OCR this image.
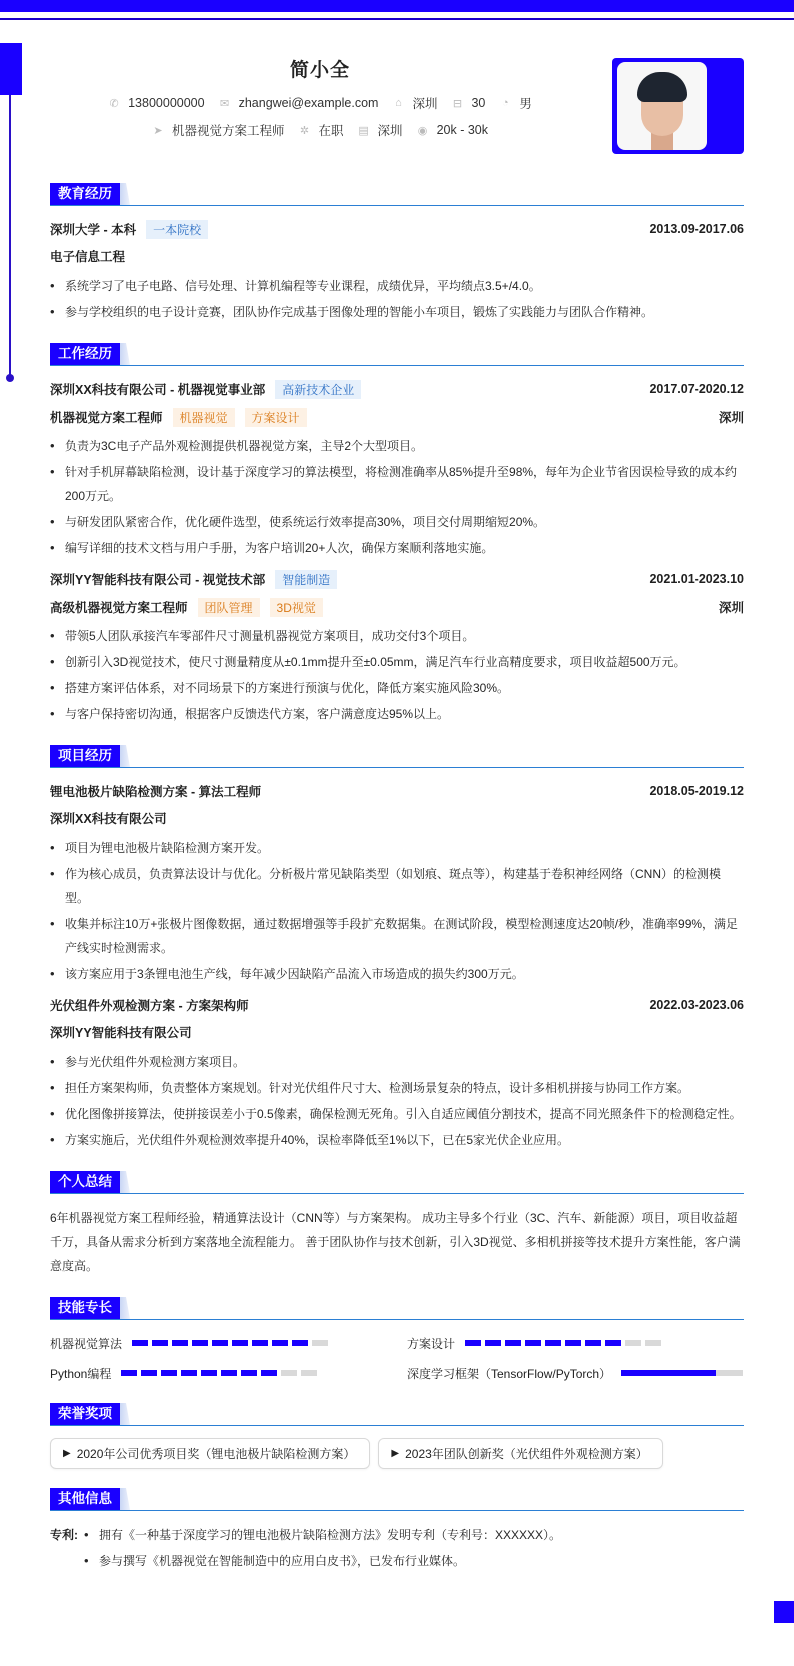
简小全
✆ 13800000000 ✉ zhangwei@example.com ⌂ 深圳 ⊟ 30 ◔ 男
➤ 机器视觉方案工程师 ✲ 在职 ▤ 深圳 ◉ 20k - 30k
教育经历
深圳大学 - 本科	一本院校	2013.09-2017.06
电子信息工程
• 系统学习了电子电路、信号处理、计算机编程等专业课程，成绩优异，平均绩点3.5+/4.0。
• 参与学校组织的电子设计竞赛，团队协作完成基于图像处理的智能小车项目，锻炼了实践能力与团队合作精神。
工作经历
深圳XX科技有限公司 - 机器视觉事业部	高新技术企业	2017.07-2020.12
机器视觉方案工程师	机器视觉	方案设计	深圳
• 负责为3C电子产品外观检测提供机器视觉方案，主导2个大型项目。
• 针对手机屏幕缺陷检测，设计基于深度学习的算法模型，将检测准确率从85%提升至98%，每年为企业节省因误检导致的成本约200万元。
• 与研发团队紧密合作，优化硬件选型，使系统运行效率提高30%，项目交付周期缩短20%。
• 编写详细的技术文档与用户手册，为客户培训20+人次，确保方案顺利落地实施。
深圳YY智能科技有限公司 - 视觉技术部	智能制造	2021.01-2023.10
高级机器视觉方案工程师	团队管理	3D视觉	深圳
• 带领5人团队承接汽车零部件尺寸测量机器视觉方案项目，成功交付3个项目。
• 创新引入3D视觉技术，使尺寸测量精度从±0.1mm提升至±0.05mm，满足汽车行业高精度要求，项目收益超500万元。
• 搭建方案评估体系，对不同场景下的方案进行预演与优化，降低方案实施风险30%。
• 与客户保持密切沟通，根据客户反馈迭代方案，客户满意度达95%以上。
项目经历
锂电池极片缺陷检测方案 - 算法工程师	2018.05-2019.12
深圳XX科技有限公司
• 项目为锂电池极片缺陷检测方案开发。
• 作为核心成员，负责算法设计与优化。分析极片常见缺陷类型（如划痕、斑点等），构建基于卷积神经网络（CNN）的检测模型。
• 收集并标注10万+张极片图像数据，通过数据增强等手段扩充数据集。在测试阶段，模型检测速度达20帧/秒，准确率99%，满足产线实时检测需求。
• 该方案应用于3条锂电池生产线，每年减少因缺陷产品流入市场造成的损失约300万元。
光伏组件外观检测方案 - 方案架构师	2022.03-2023.06
深圳YY智能科技有限公司
• 参与光伏组件外观检测方案项目。
• 担任方案架构师，负责整体方案规划。针对光伏组件尺寸大、检测场景复杂的特点，设计多相机拼接与协同工作方案。
• 优化图像拼接算法，使拼接误差小于0.5像素，确保检测无死角。引入自适应阈值分割技术，提高不同光照条件下的检测稳定性。
• 方案实施后，光伏组件外观检测效率提升40%，误检率降低至1%以下，已在5家光伏企业应用。
个人总结

6年机器视觉方案工程师经验，精通算法设计（CNN等）与方案架构。 成功主导多个行业（3C、汽车、新能源）项目，项目收益超千万，具备从需求分析到方案落地全流程能力。 善于团队协作与技术创新，引入3D视觉、多相机拼接等技术提升方案性能，客户满意度高。

技能专长
机器视觉算法	方案设计
Python编程	深度学习框架（TensorFlow/PyTorch）
荣誉奖项
▶ 2020年公司优秀项目奖（锂电池极片缺陷检测方案）	▶ 2023年团队创新奖（光伏组件外观检测方案）
其他信息
专利:	• 拥有《一种基于深度学习的锂电池极片缺陷检测方法》发明专利（专利号：XXXXXX）。
• 参与撰写《机器视觉在智能制造中的应用白皮书》，已发布行业媒体。
